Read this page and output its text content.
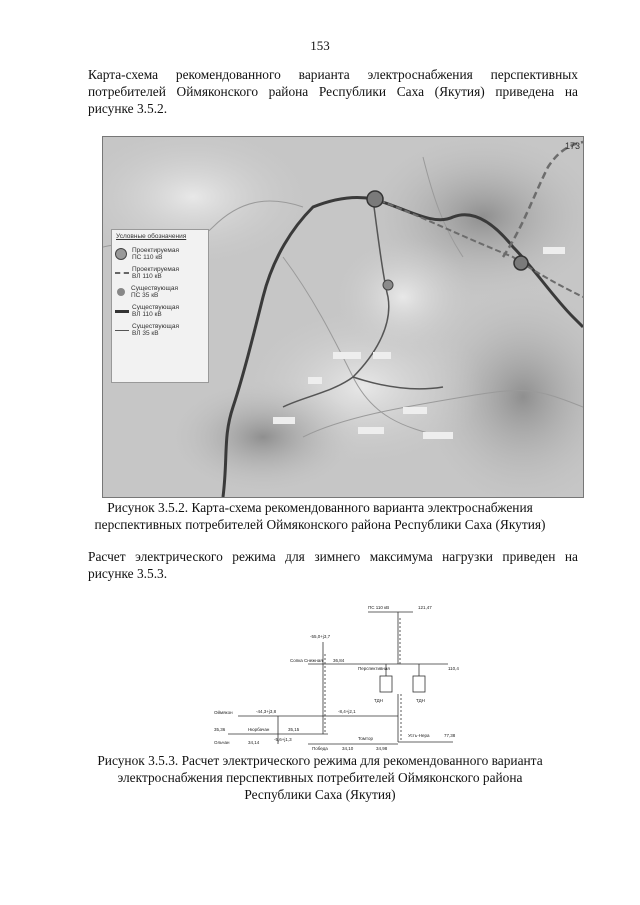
153
Карта-схема рекомендованного варианта электроснабжения перспективных
потребителей Оймяконского района Республики Саха (Якутия) приведена на
рисунке 3.5.2.
173
Условные обозначения
Проектируемая
ПС 110 кВ
Проектируемая
ВЛ 110 кВ
Существующая
ПС 35 кВ
Существующая
ВЛ 110 кВ
Существующая
ВЛ 35 кВ
Рисунок 3.5.2. Карта-схема рекомендованного варианта электроснабжения
перспективных потребителей Оймяконского района Республики Саха (Якутия)
Расчет электрического режима для зимнего максимума нагрузки приведен на
рисунке 3.5.3.
ПС 110 кВ	121,47
-55,0+j3,7
Сопка Снежная 36,84
Перспективная	110,4
ТДН	ТДН
-44,3+j3,8	-8,4+j2,1
Оймякон
35,36	Нюрбачан	35,15
Ольчан	34,14
-5,6+j1,3
Победа	34,10
Томтор
34,98
Усть-Нера	77,38
Рисунок 3.5.3. Расчет электрического режима для рекомендованного варианта
электроснабжения перспективных потребителей Оймяконского района
Республики Саха (Якутия)
